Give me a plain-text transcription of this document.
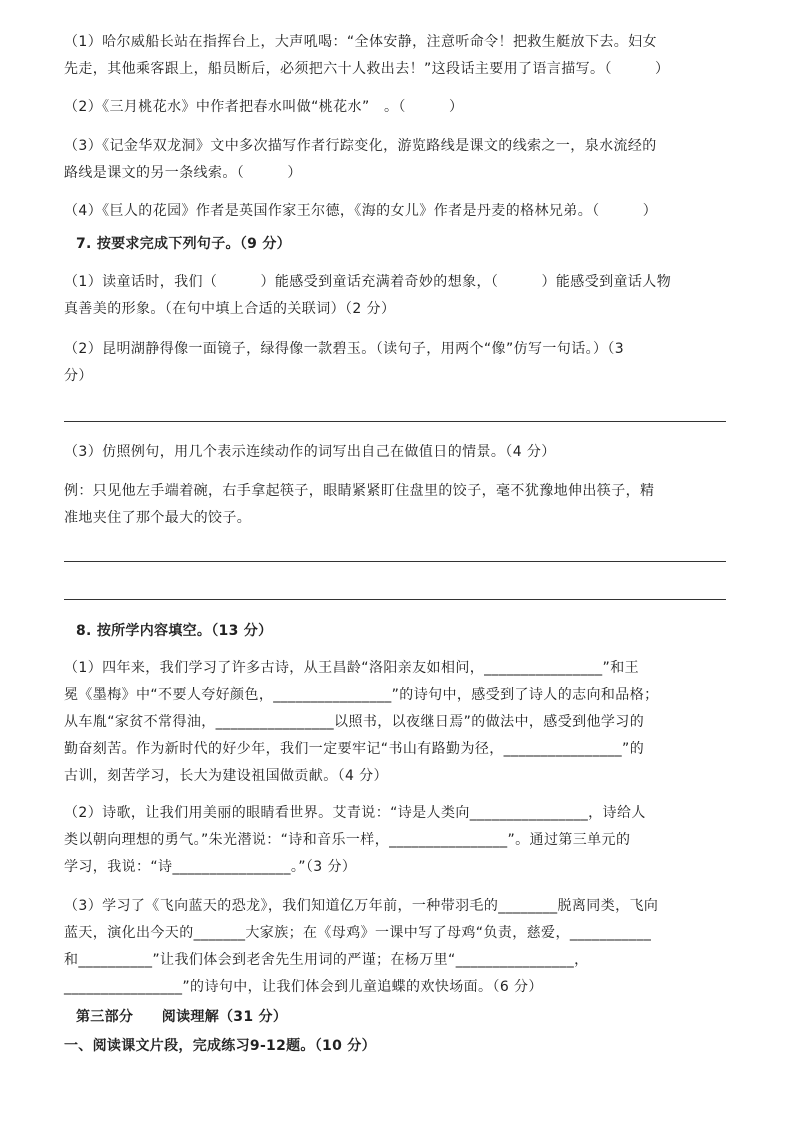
（1）哈尔威船长站在指挥台上，大声吼喝：“全体安静，注意听命令！把救生艇放下去。妇女
先走，其他乘客跟上，船员断后，必须把六十人救出去！”这段话主要用了语言描写。（　　　）
（2）《三月桃花水》中作者把春水叫做“桃花水”　。（　　　）
（3）《记金华双龙洞》文中多次描写作者行踪变化，游览路线是课文的线索之一，泉水流经的
路线是课文的另一条线索。（　　　）
（4）《巨人的花园》作者是英国作家王尔德，《海的女儿》作者是丹麦的格林兄弟。（　　　）
7. 按要求完成下列句子。（9 分）
（1）读童话时，我们（　　　）能感受到童话充满着奇妙的想象，（　　　）能感受到童话人物
真善美的形象。（在句中填上合适的关联词）（2 分）
（2）昆明湖静得像一面镜子，绿得像一款碧玉。（读句子，用两个“像”仿写一句话。）（3
分）
（3）仿照例句，用几个表示连续动作的词写出自己在做值日的情景。（4 分）
例：只见他左手端着碗，右手拿起筷子，眼睛紧紧盯住盘里的饺子，毫不犹豫地伸出筷子，精
准地夹住了那个最大的饺子。
8. 按所学内容填空。（13 分）
（1）四年来，我们学习了许多古诗，从王昌龄“洛阳亲友如相问，________________”和王
冕《墨梅》中“不要人夸好颜色，________________”的诗句中，感受到了诗人的志向和品格；
从车胤“家贫不常得油，________________以照书，以夜继日焉”的做法中，感受到他学习的
勤奋刻苦。作为新时代的好少年，我们一定要牢记“书山有路勤为径，________________”的
古训，刻苦学习，长大为建设祖国做贡献。（4 分）
（2）诗歌，让我们用美丽的眼睛看世界。艾青说：“诗是人类向________________，诗给人
类以朝向理想的勇气。”朱光潜说：“诗和音乐一样，________________”。通过第三单元的
学习，我说：“诗________________。”（3 分）
（3）学习了《飞向蓝天的恐龙》，我们知道亿万年前，一种带羽毛的________脱离同类，飞向
蓝天，演化出今天的_______大家族；在《母鸡》一课中写了母鸡“负责，慈爱，___________
和__________”让我们体会到老舍先生用词的严谨；在杨万里“________________，
________________”的诗句中，让我们体会到儿童追蝶的欢快场面。（6 分）
第三部分　　阅读理解（31 分）
一、阅读课文片段，完成练习9-12题。（10 分）
